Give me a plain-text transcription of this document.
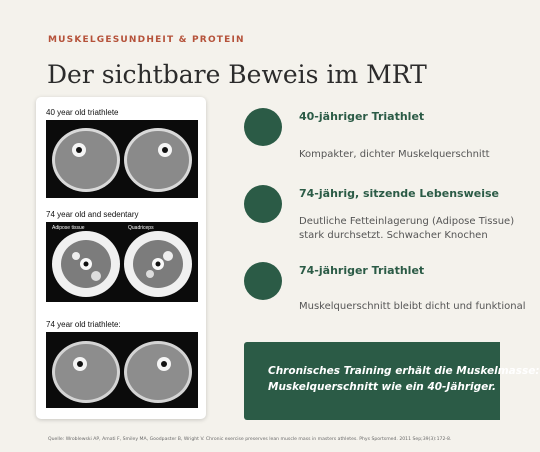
MUSKELGESUNDHEIT & PROTEIN
Der sichtbare Beweis im MRT
40 year old triathlete
74 year old and sedentary
Adipose tissue	Quadriceps
74 year old triathlete:
40-jähriger Triathlet
Kompakter, dichter Muskelquerschnitt
74-jährig, sitzende Lebensweise
Deutliche Fetteinlagerung (Adipose Tissue)
stark durchsetzt. Schwacher Knochen
74-jähriger Triathlet
Muskelquerschnitt bleibt dicht und funktional
Chronisches Training erhält die Muskelmasse:
Muskelquerschnitt wie ein 40-Jähriger.
Quelle: Wroblewski AP, Amati F, Smiley MA, Goodpaster B, Wright V. Chronic exercise preserves lean muscle mass in masters athletes. Phys Sportsmed. 2011 Sep;39(3):172-8.
